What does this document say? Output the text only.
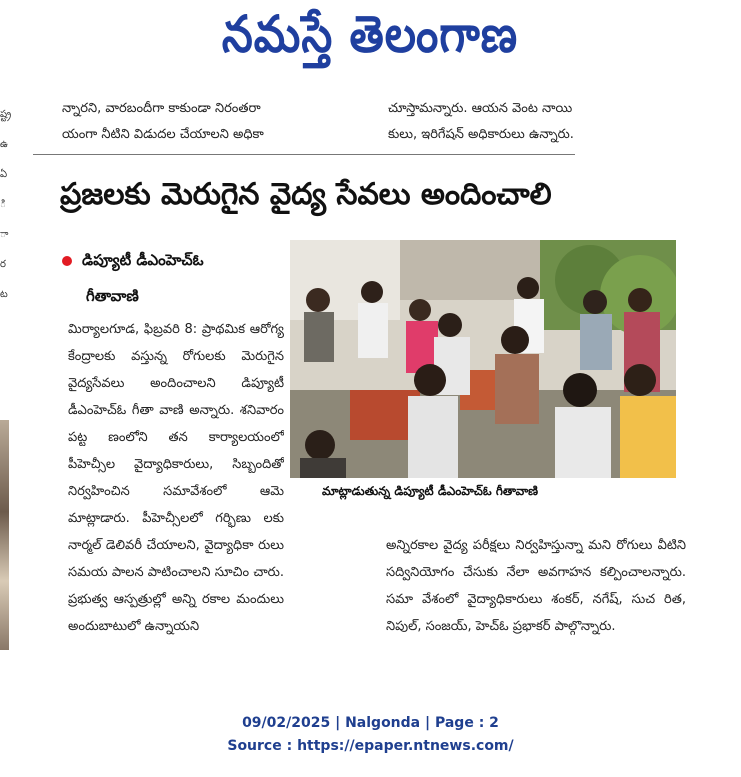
నమస్తే తెలంగాణ
ష్ట్ర ఉ ఏ ి ా ర ట
న్నారని, వారబందీగా కాకుండా నిరంతరా
యంగా నీటిని విడుదల చేయాలని అధికా
చూస్తామన్నారు. ఆయన వెంట నాయి
కులు, ఇరిగేషన్ అధికారులు ఉన్నారు.
ప్రజలకు మెరుగైన వైద్య సేవలు అందించాలి
డిప్యూటీ డీఎంహెచ్ఓ
గీతావాణి

మిర్యాలగూడ, ఫిబ్రవరి 8: ప్రాథమిక ఆరోగ్య కేంద్రాలకు వస్తున్న రోగులకు మెరుగైన వైద్యసేవలు అందించాలని డిప్యూటీ డీఎంహెచ్ఓ గీతా వాణి అన్నారు. శనివారం పట్ట ణంలోని తన కార్యాలయంలో పీహెచ్సీల వైద్యాధికారులు, సిబ్బందితో నిర్వహించిన సమావేశంలో ఆమె మాట్లాడారు. పీహెచ్సీలలో గర్భిణు లకు నార్మల్ డెలివరీ చేయాలని, వైద్యాధికా రులు సమయ పాలన పాటించాలని సూచిం చారు. ప్రభుత్వ ఆస్పత్రుల్లో అన్ని రకాల మందులు అందుబాటులో ఉన్నాయని

మాట్లాడుతున్న డిప్యూటీ డీఎంహెచ్ఓ గీతావాణి

అన్నిరకాల వైద్య పరీక్షలు నిర్వహిస్తున్నా మని రోగులు వీటిని సద్వినియోగం చేసుకు నేలా అవగాహన కల్పించాలన్నారు. సమా వేశంలో వైద్యాధికారులు శంకర్, నగేష్, సుచ రిత, నిపుల్, సంజయ్, హెచ్ఓ ప్రభాకర్ పాల్గొన్నారు.

09/02/2025 | Nalgonda | Page : 2
Source : https://epaper.ntnews.com/
